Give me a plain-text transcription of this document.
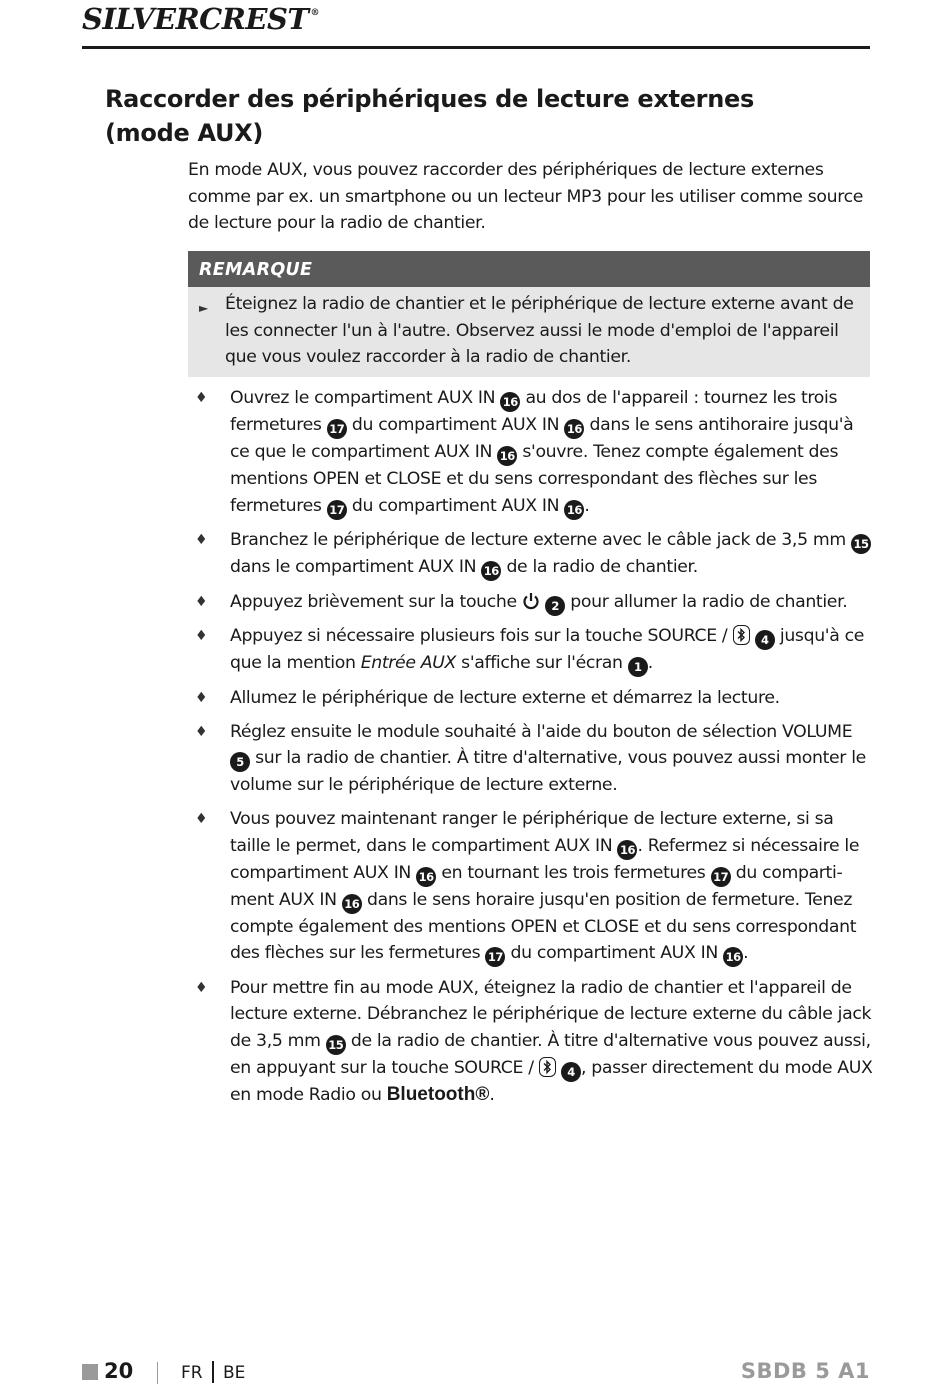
SILVERCREST ®
Raccorder des périphériques de lecture externes (mode AUX)

En mode AUX, vous pouvez raccorder des périphériques de lecture externes comme par ex. un smartphone ou un lecteur MP3 pour les utiliser comme source de lecture pour la radio de chantier.

REMARQUE
► Éteignez la radio de chantier et le périphérique de lecture externe avant de les connecter l'un à l'autre. Observez aussi le mode d'emploi de l'appareil que vous voulez raccorder à la radio de chantier.

♦ Ouvrez le compartiment AUX IN 16 au dos de l'appareil : tournez les trois fermetures 17 du compartiment AUX IN 16 dans le sens antihoraire jusqu'à ce que le compartiment AUX IN 16 s'ouvre. Tenez compte également des mentions OPEN et CLOSE et du sens correspondant des flèches sur les fermetures 17 du compartiment AUX IN 16 .

♦ Branchez le périphérique de lecture externe avec le câble jack de 3,5 mm 15 dans le compartiment AUX IN 16 de la radio de chantier.

♦ Appuyez brièvement sur la touche	2 pour allumer la radio de chantier.

♦ Appuyez si nécessaire plusieurs fois sur la touche SOURCE /
4 jusqu'à ce que la mention Entrée AUX s'affiche sur l'écran 1 .

♦ Allumez le périphérique de lecture externe et démarrez la lecture.

♦ Réglez ensuite le module souhaité à l'aide du bouton de sélection VOLUME 5 sur la radio de chantier. À titre d'alternative, vous pouvez aussi monter le volume sur le périphérique de lecture externe.

♦ Vous pouvez maintenant ranger le périphérique de lecture externe, si sa taille le permet, dans le compartiment AUX IN 16 . Refermez si nécessaire le compartiment AUX IN 16 en tournant les trois fermetures 17 du compartiment AUX IN 16 dans le sens horaire jusqu'en position de fermeture. Tenez compte également des mentions OPEN et CLOSE et du sens correspondant des flèches sur les fermetures 17 du compartiment AUX IN 16 .

♦ Pour mettre fin au mode AUX, éteignez la radio de chantier et l'appareil de lecture externe. Débranchez le périphérique de lecture externe du câble jack de 3,5 mm 15 de la radio de chantier. À titre d'alternative vous pouvez aussi, en appuyant sur la touche SOURCE /
4 , passer directement du mode AUX en mode Radio ou Bluetooth®.

20	FR BE	SBDB 5 A1
